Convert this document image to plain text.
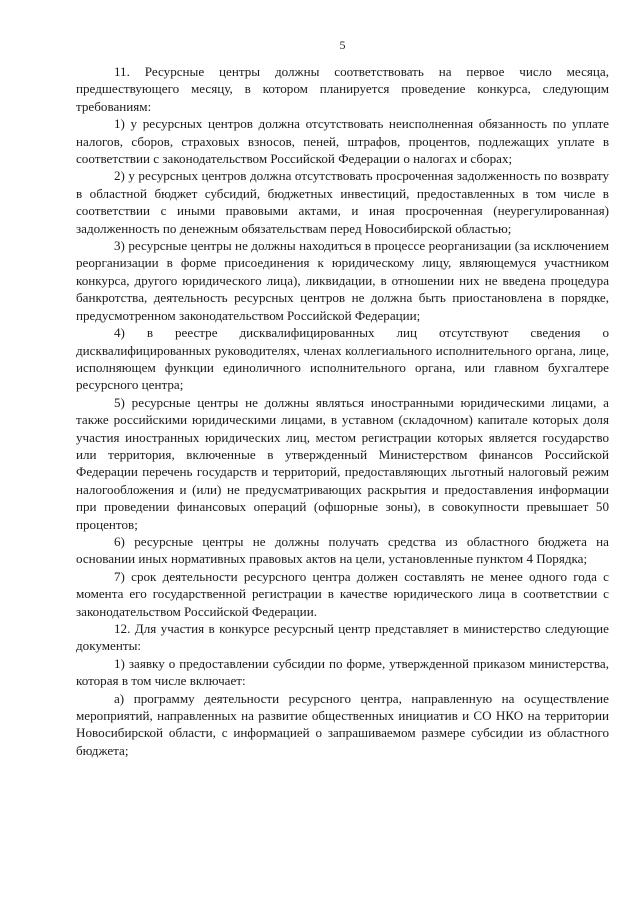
5

11. Ресурсные центры должны соответствовать на первое число месяца, предшествующего месяцу, в котором планируется проведение конкурса, следующим требованиям:

1) у ресурсных центров должна отсутствовать неисполненная обязанность по уплате налогов, сборов, страховых взносов, пеней, штрафов, процентов, подлежащих уплате в соответствии с законодательством Российской Федерации о налогах и сборах;

2) у ресурсных центров должна отсутствовать просроченная задолженность по возврату в областной бюджет субсидий, бюджетных инвестиций, предоставленных в том числе в соответствии с иными правовыми актами, и иная просроченная (неурегулированная) задолженность по денежным обязательствам перед Новосибирской областью;

3) ресурсные центры не должны находиться в процессе реорганизации (за исключением реорганизации в форме присоединения к юридическому лицу, являющемуся участником конкурса, другого юридического лица), ликвидации, в отношении них не введена процедура банкротства, деятельность ресурсных центров не должна быть приостановлена в порядке, предусмотренном законодательством Российской Федерации;

4) в реестре дисквалифицированных лиц отсутствуют сведения о дисквалифицированных руководителях, членах коллегиального исполнительного органа, лице, исполняющем функции единоличного исполнительного органа, или главном бухгалтере ресурсного центра;

5) ресурсные центры не должны являться иностранными юридическими лицами, а также российскими юридическими лицами, в уставном (складочном) капитале которых доля участия иностранных юридических лиц, местом регистрации которых является государство или территория, включенные в утвержденный Министерством финансов Российской Федерации перечень государств и территорий, предоставляющих льготный налоговый режим налогообложения и (или) не предусматривающих раскрытия и предоставления информации при проведении финансовых операций (офшорные зоны), в совокупности превышает 50 процентов;

6) ресурсные центры не должны получать средства из областного бюджета на основании иных нормативных правовых актов на цели, установленные пунктом 4 Порядка;

7) срок деятельности ресурсного центра должен составлять не менее одного года с момента его государственной регистрации в качестве юридического лица в соответствии с законодательством Российской Федерации.

12. Для участия в конкурсе ресурсный центр представляет в министерство следующие документы:

1) заявку о предоставлении субсидии по форме, утвержденной приказом министерства, которая в том числе включает:

а) программу деятельности ресурсного центра, направленную на осуществление мероприятий, направленных на развитие общественных инициатив и СО НКО на территории Новосибирской области, с информацией о запрашиваемом размере субсидии из областного бюджета;
